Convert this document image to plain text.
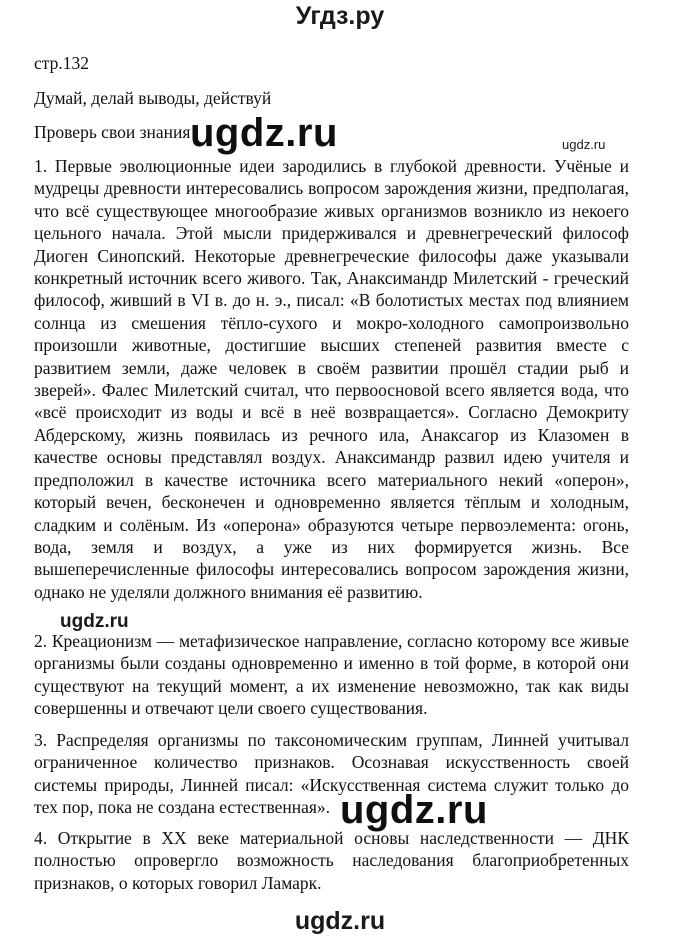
Угдз.ру
стр.132
Думай, делай выводы, действуй
Проверь свои знания ugdz.ru	ugdz.ru

1. Первые эволюционные идеи зародились в глубокой древности. Учёные и мудрецы древности интересовались вопросом зарождения жизни, предполагая, что всё существующее многообразие живых организмов возникло из некоего цельного начала. Этой мысли придерживался и древнегреческий философ Диоген Синопский. Некоторые древнегреческие философы даже указывали конкретный источник всего живого. Так, Анаксимандр Милетский - греческий философ, живший в VI в. до н. э., писал: «В болотистых местах под влиянием солнца из смешения тёпло-сухого и мокро-холодного самопроизвольно произошли животные, достигшие высших степеней развития вместе с развитием земли, даже человек в своём развитии прошёл стадии рыб и зверей». Фалес Милетский считал, что первоосновой всего является вода, что «всё происходит из воды и всё в неё возвращается». Согласно Демокриту Абдерскому, жизнь появилась из речного ила, Анаксагор из Клазомен в качестве основы представлял воздух. Анаксимандр развил идею учителя и предположил в качестве источника всего материального некий «оперон», который вечен, бесконечен и одновременно является тёплым и холодным, сладким и солёным. Из «оперона» образуются четыре первоэлемента: огонь, вода, земля и воздух, а уже из них формируется жизнь. Все вышеперечисленные философы интересовались вопросом зарождения жизни, однако не уделяли должного внимания её развитию.

ugdz.ru

2. Креационизм — метафизическое направление, согласно которому все живые организмы были созданы одновременно и именно в той форме, в которой они существуют на текущий момент, а их изменение невозможно, так как виды совершенны и отвечают цели своего существования.

3. Распределяя организмы по таксономическим группам, Линней учитывал ограниченное количество признаков. Осознавая искусственность своей системы природы, Линней писал: «Искусственная система служит только до тех пор, пока не создана естественная». ugdz.ru

4. Открытие в XX веке материальной основы наследственности — ДНК полностью опровергло возможность наследования благоприобретенных признаков, о которых говорил Ламарк.

ugdz.ru
